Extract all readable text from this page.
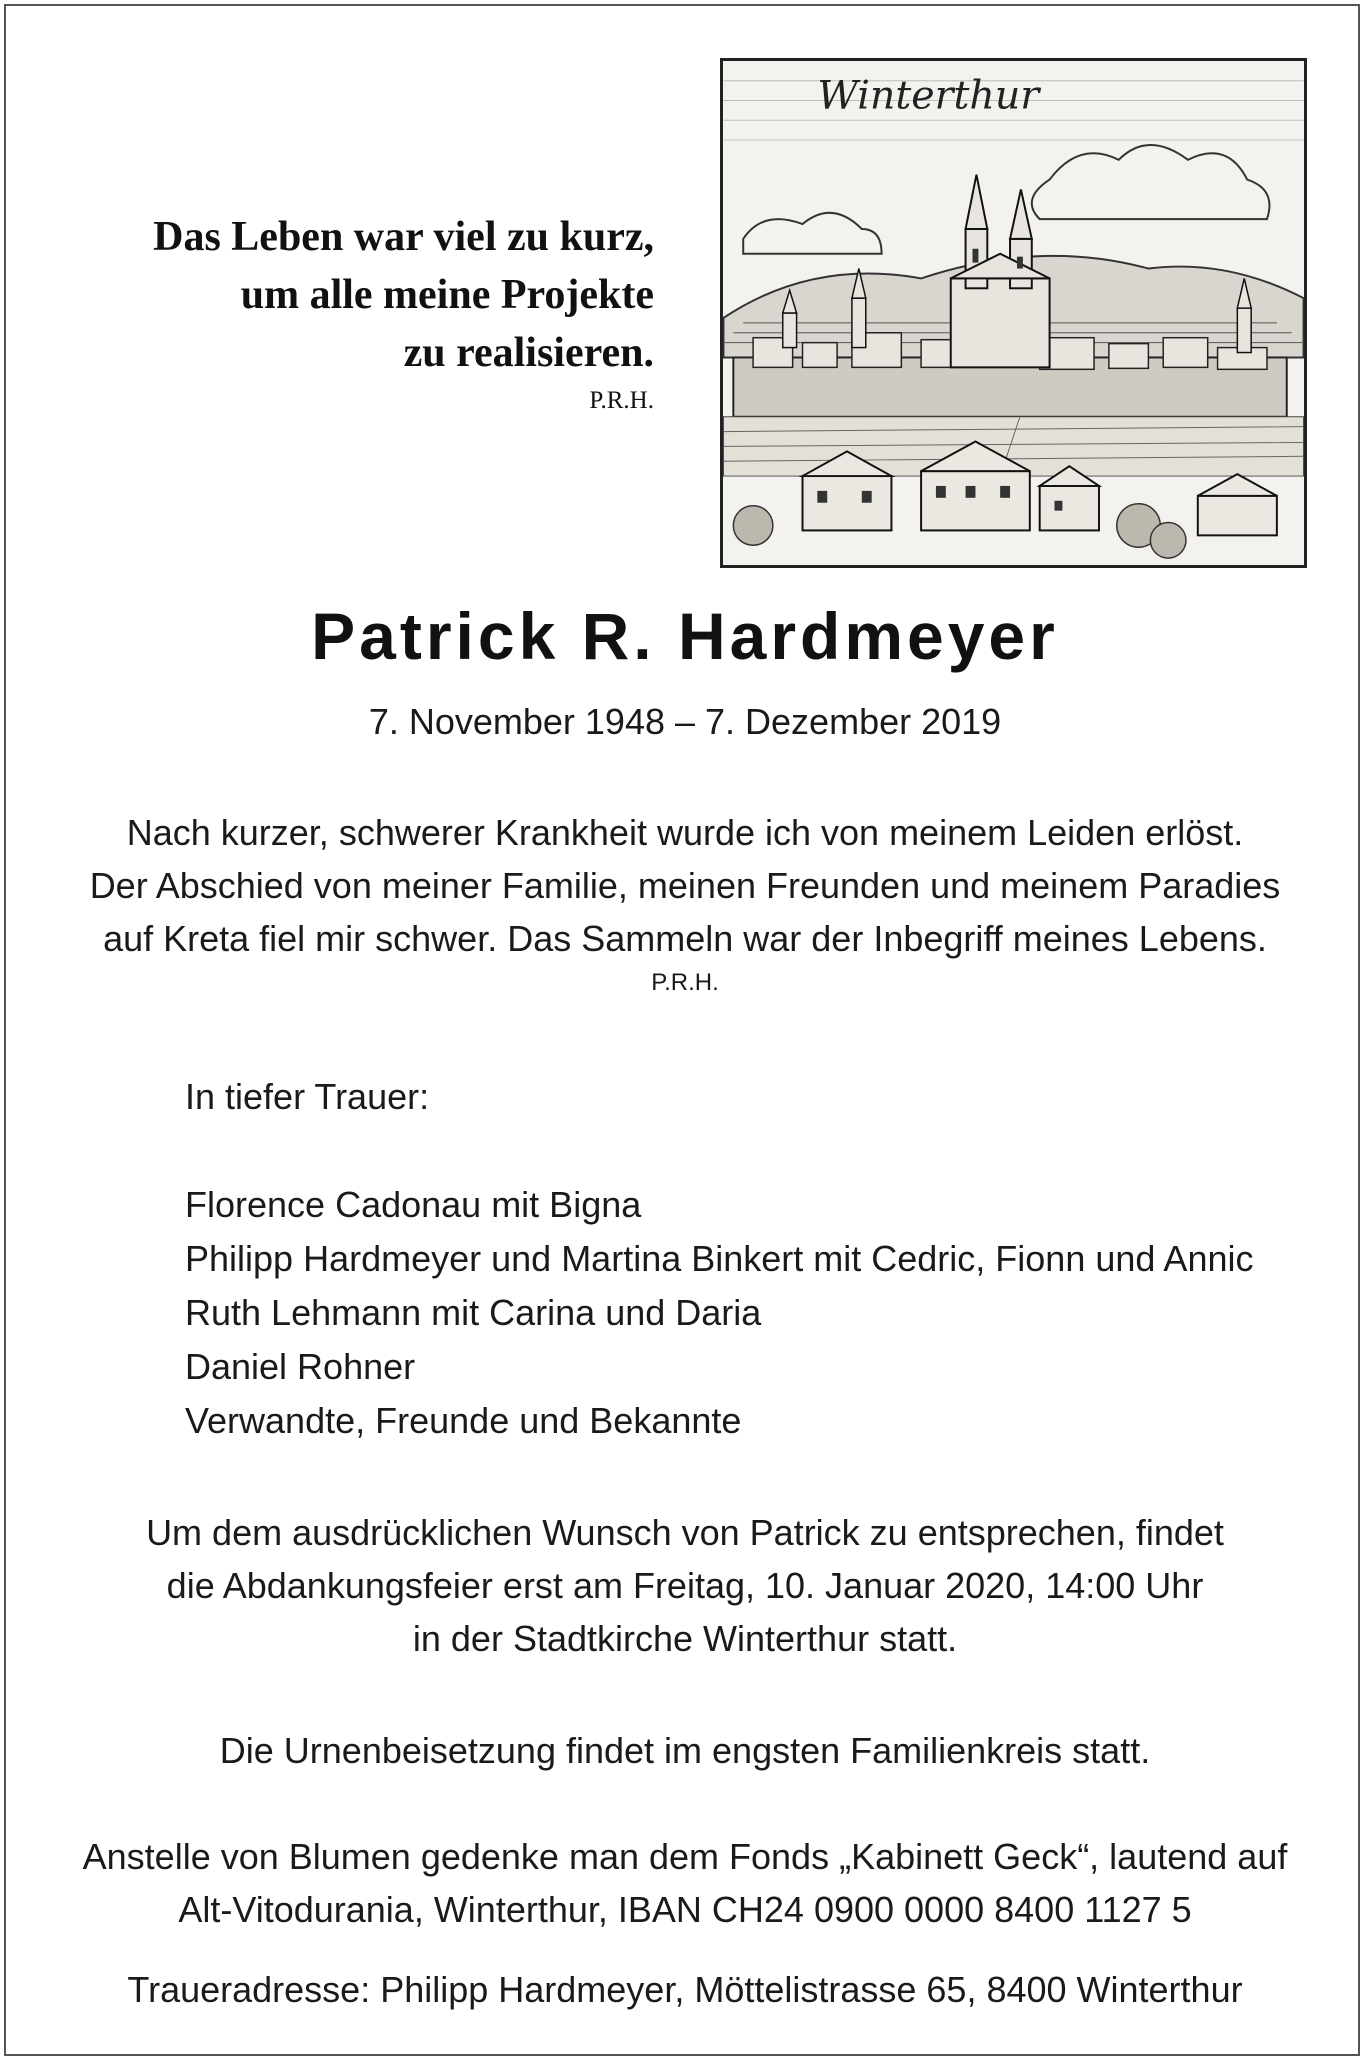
Das Leben war viel zu kurz,
um alle meine Projekte
zu realisieren.
P.R.H.
Winterthur
Patrick R. Hardmeyer
7. November 1948 – 7. Dezember 2019
Nach kurzer, schwerer Krankheit wurde ich von meinem Leiden erlöst.
Der Abschied von meiner Familie, meinen Freunden und meinem Paradies
auf Kreta fiel mir schwer. Das Sammeln war der Inbegriff meines Lebens.
P.R.H.
In tiefer Trauer:
Florence Cadonau mit Bigna
Philipp Hardmeyer und Martina Binkert mit Cedric, Fionn und Annic
Ruth Lehmann mit Carina und Daria
Daniel Rohner
Verwandte, Freunde und Bekannte
Um dem ausdrücklichen Wunsch von Patrick zu entsprechen, findet
die Abdankungsfeier erst am Freitag, 10. Januar 2020, 14:00 Uhr
in der Stadtkirche Winterthur statt.
Die Urnenbeisetzung findet im engsten Familienkreis statt.
Anstelle von Blumen gedenke man dem Fonds „Kabinett Geck“, lautend auf
Alt-Vitodurania, Winterthur, IBAN CH24 0900 0000 8400 1127 5
Traueradresse: Philipp Hardmeyer, Möttelistrasse 65, 8400 Winterthur
